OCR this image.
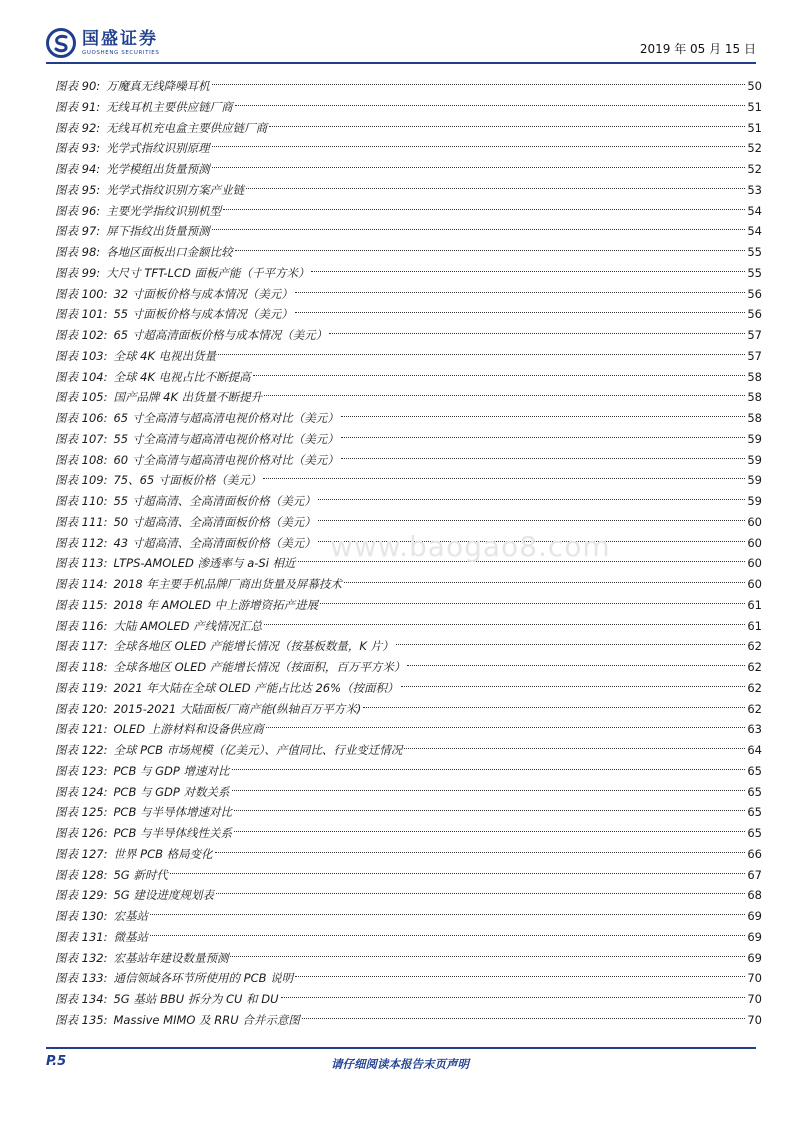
国盛证券
GUOSHENG SECURITIES	2019 年 05 月 15 日
图表 90: 万魔真无线降噪耳机	50
图表 91: 无线耳机主要供应链厂商	51
图表 92: 无线耳机充电盒主要供应链厂商	51
图表 93: 光学式指纹识别原理	52
图表 94: 光学模组出货量预测	52
图表 95: 光学式指纹识别方案产业链	53
图表 96: 主要光学指纹识别机型	54
图表 97: 屏下指纹出货量预测	54
图表 98: 各地区面板出口金额比较	55
图表 99: 大尺寸 TFT-LCD 面板产能（千平方米）	55
图表 100: 32 寸面板价格与成本情况（美元）	56
图表 101: 55 寸面板价格与成本情况（美元）	56
图表 102: 65 寸超高清面板价格与成本情况（美元）	57
图表 103: 全球 4K 电视出货量	57
图表 104: 全球 4K 电视占比不断提高	58
图表 105: 国产品牌 4K 出货量不断提升	58
图表 106: 65 寸全高清与超高清电视价格对比（美元）	58
图表 107: 55 寸全高清与超高清电视价格对比（美元）	59
图表 108: 60 寸全高清与超高清电视价格对比（美元）	59
图表 109: 75、65 寸面板价格（美元）	59
图表 110: 55 寸超高清、全高清面板价格（美元）	59
图表 111: 50 寸超高清、全高清面板价格（美元）	60
图表 112: 43 寸超高清、全高清面板价格（美元）	60
图表 113: LTPS-AMOLED 渗透率与 a-Si 相近	60
图表 114: 2018 年主要手机品牌厂商出货量及屏幕技术	60
图表 115: 2018 年 AMOLED 中上游增资拓产进展	61
图表 116: 大陆 AMOLED 产线情况汇总	61
图表 117: 全球各地区 OLED 产能增长情况（按基板数量，K 片）	62
图表 118: 全球各地区 OLED 产能增长情况（按面积，百万平方米）	62
图表 119: 2021 年大陆在全球 OLED 产能占比达 26%（按面积）	62
图表 120: 2015-2021 大陆面板厂商产能(纵轴百万平方米)	62
图表 121: OLED 上游材料和设备供应商	63
图表 122: 全球 PCB 市场规模（亿美元）、产值同比、行业变迁情况	64
图表 123: PCB 与 GDP 增速对比	65
图表 124: PCB 与 GDP 对数关系	65
图表 125: PCB 与半导体增速对比	65
图表 126: PCB 与半导体线性关系	65
图表 127: 世界 PCB 格局变化	66
图表 128: 5G 新时代	67
图表 129: 5G 建设进度规划表	68
图表 130: 宏基站	69
图表 131: 微基站	69
图表 132: 宏基站年建设数量预测	69
图表 133: 通信领域各环节所使用的 PCB 说明	70
图表 134: 5G 基站 BBU 拆分为 CU 和 DU	70
图表 135: Massive MIMO 及 RRU 合并示意图	70
www.baogao8.com
P.5	请仔细阅读本报告末页声明
